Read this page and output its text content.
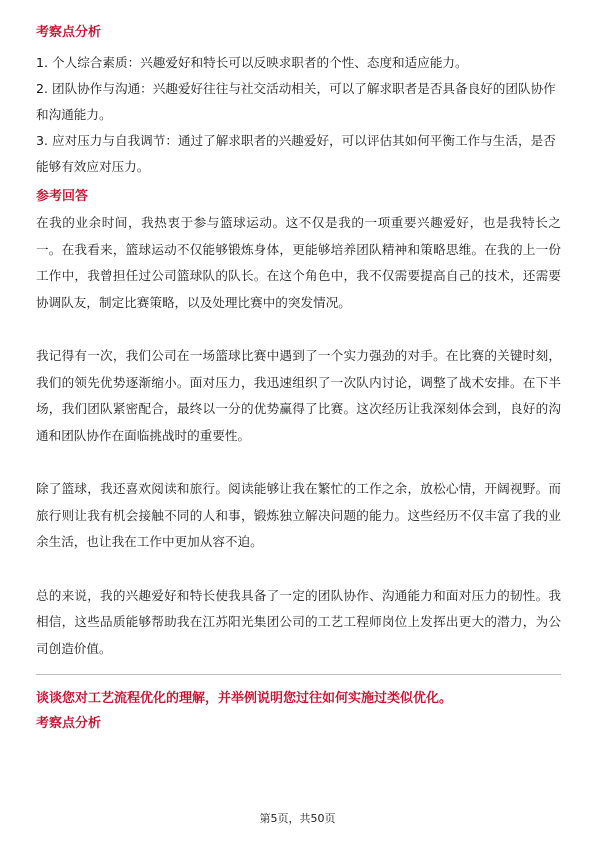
考察点分析

1. 个人综合素质：兴趣爱好和特长可以反映求职者的个性、态度和适应能力。

2. 团队协作与沟通：兴趣爱好往往与社交活动相关，可以了解求职者是否具备良好的团队协作和沟通能力。

3. 应对压力与自我调节：通过了解求职者的兴趣爱好，可以评估其如何平衡工作与生活，是否能够有效应对压力。

参考回答

在我的业余时间，我热衷于参与篮球运动。这不仅是我的一项重要兴趣爱好，也是我特长之一。在我看来，篮球运动不仅能够锻炼身体，更能够培养团队精神和策略思维。在我的上一份工作中，我曾担任过公司篮球队的队长。在这个角色中，我不仅需要提高自己的技术，还需要协调队友，制定比赛策略，以及处理比赛中的突发情况。

我记得有一次，我们公司在一场篮球比赛中遇到了一个实力强劲的对手。在比赛的关键时刻，我们的领先优势逐渐缩小。面对压力，我迅速组织了一次队内讨论，调整了战术安排。在下半场，我们团队紧密配合，最终以一分的优势赢得了比赛。这次经历让我深刻体会到，良好的沟通和团队协作在面临挑战时的重要性。

除了篮球，我还喜欢阅读和旅行。阅读能够让我在繁忙的工作之余，放松心情，开阔视野。而旅行则让我有机会接触不同的人和事，锻炼独立解决问题的能力。这些经历不仅丰富了我的业余生活，也让我在工作中更加从容不迫。

总的来说，我的兴趣爱好和特长使我具备了一定的团队协作、沟通能力和面对压力的韧性。我相信，这些品质能够帮助我在江苏阳光集团公司的工艺工程师岗位上发挥出更大的潜力，为公司创造价值。

谈谈您对工艺流程优化的理解，并举例说明您过往如何实施过类似优化。

考察点分析

第5页，共50页
